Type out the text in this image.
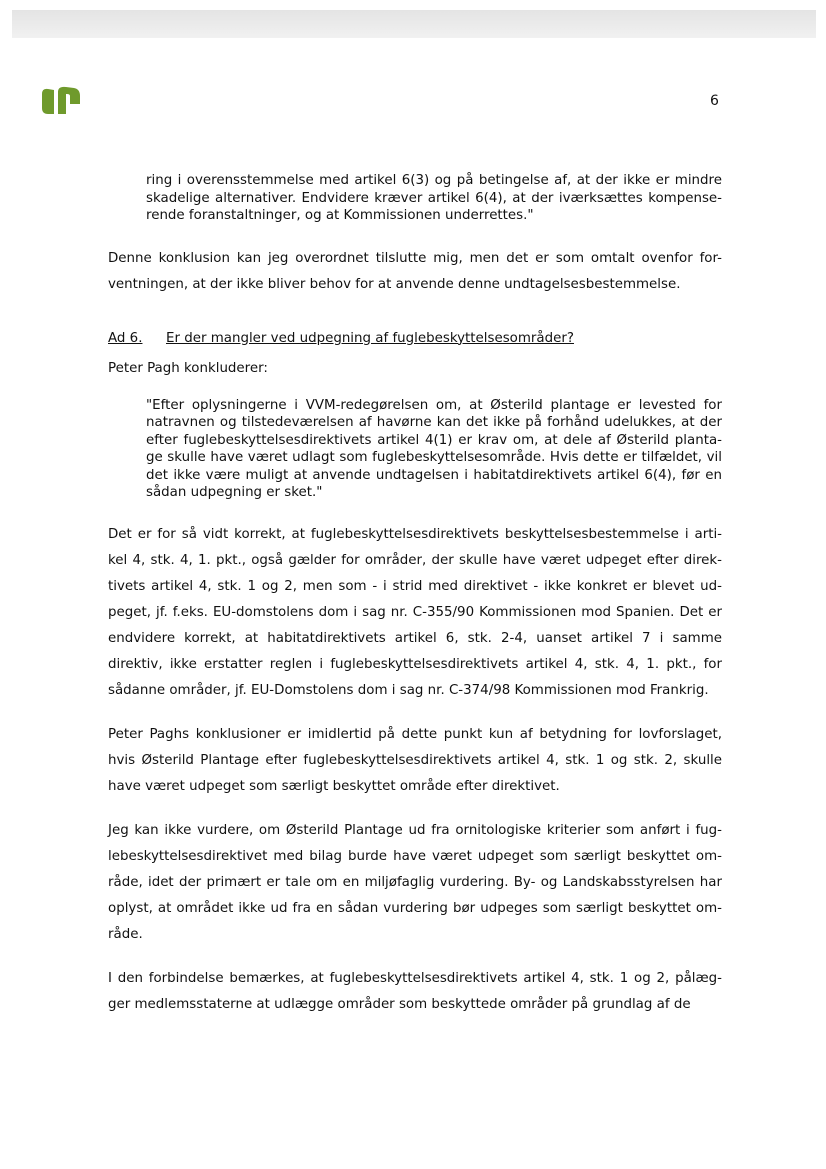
6
ring i overensstemmelse med artikel 6(3) og på betingelse af, at der ikke er mindre skadelige alternativer. Endvidere kræver artikel 6(4), at der iværksættes kompense-rende foranstaltninger, og at Kommissionen underrettes."

Denne konklusion kan jeg overordnet tilslutte mig, men det er som omtalt ovenfor for-ventningen, at der ikke bliver behov for at anvende denne undtagelsesbestemmelse.

Ad 6.	Er der mangler ved udpegning af fuglebeskyttelsesområder?

Peter Pagh konkluderer:

"Efter oplysningerne i VVM-redegørelsen om, at Østerild plantage er levested for natravnen og tilstedeværelsen af havørne kan det ikke på forhånd udelukkes, at der efter fuglebeskyttelsesdirektivets artikel 4(1) er krav om, at dele af Østerild planta-ge skulle have været udlagt som fuglebeskyttelsesområde. Hvis dette er tilfældet, vil det ikke være muligt at anvende undtagelsen i habitatdirektivets artikel 6(4), før en sådan udpegning er sket."

Det er for så vidt korrekt, at fuglebeskyttelsesdirektivets beskyttelsesbestemmelse i arti-kel 4, stk. 4, 1. pkt., også gælder for områder, der skulle have været udpeget efter direk-tivets artikel 4, stk. 1 og 2, men som - i strid med direktivet - ikke konkret er blevet ud-peget, jf. f.eks. EU-domstolens dom i sag nr. C-355/90 Kommissionen mod Spanien. Det er endvidere korrekt, at habitatdirektivets artikel 6, stk. 2-4, uanset artikel 7 i samme direktiv, ikke erstatter reglen i fuglebeskyttelsesdirektivets artikel 4, stk. 4, 1. pkt., for sådanne områder, jf. EU-Domstolens dom i sag nr. C-374/98 Kommissionen mod Frankrig.

Peter Paghs konklusioner er imidlertid på dette punkt kun af betydning for lovforslaget, hvis Østerild Plantage efter fuglebeskyttelsesdirektivets artikel 4, stk. 1 og stk. 2, skulle have været udpeget som særligt beskyttet område efter direktivet.

Jeg kan ikke vurdere, om Østerild Plantage ud fra ornitologiske kriterier som anført i fug-lebeskyttelsesdirektivet med bilag burde have været udpeget som særligt beskyttet om-råde, idet der primært er tale om en miljøfaglig vurdering. By- og Landskabsstyrelsen har oplyst, at området ikke ud fra en sådan vurdering bør udpeges som særligt beskyttet om-råde.

I den forbindelse bemærkes, at fuglebeskyttelsesdirektivets artikel 4, stk. 1 og 2, pålæg-ger medlemsstaterne at udlægge områder som beskyttede områder på grundlag af de
